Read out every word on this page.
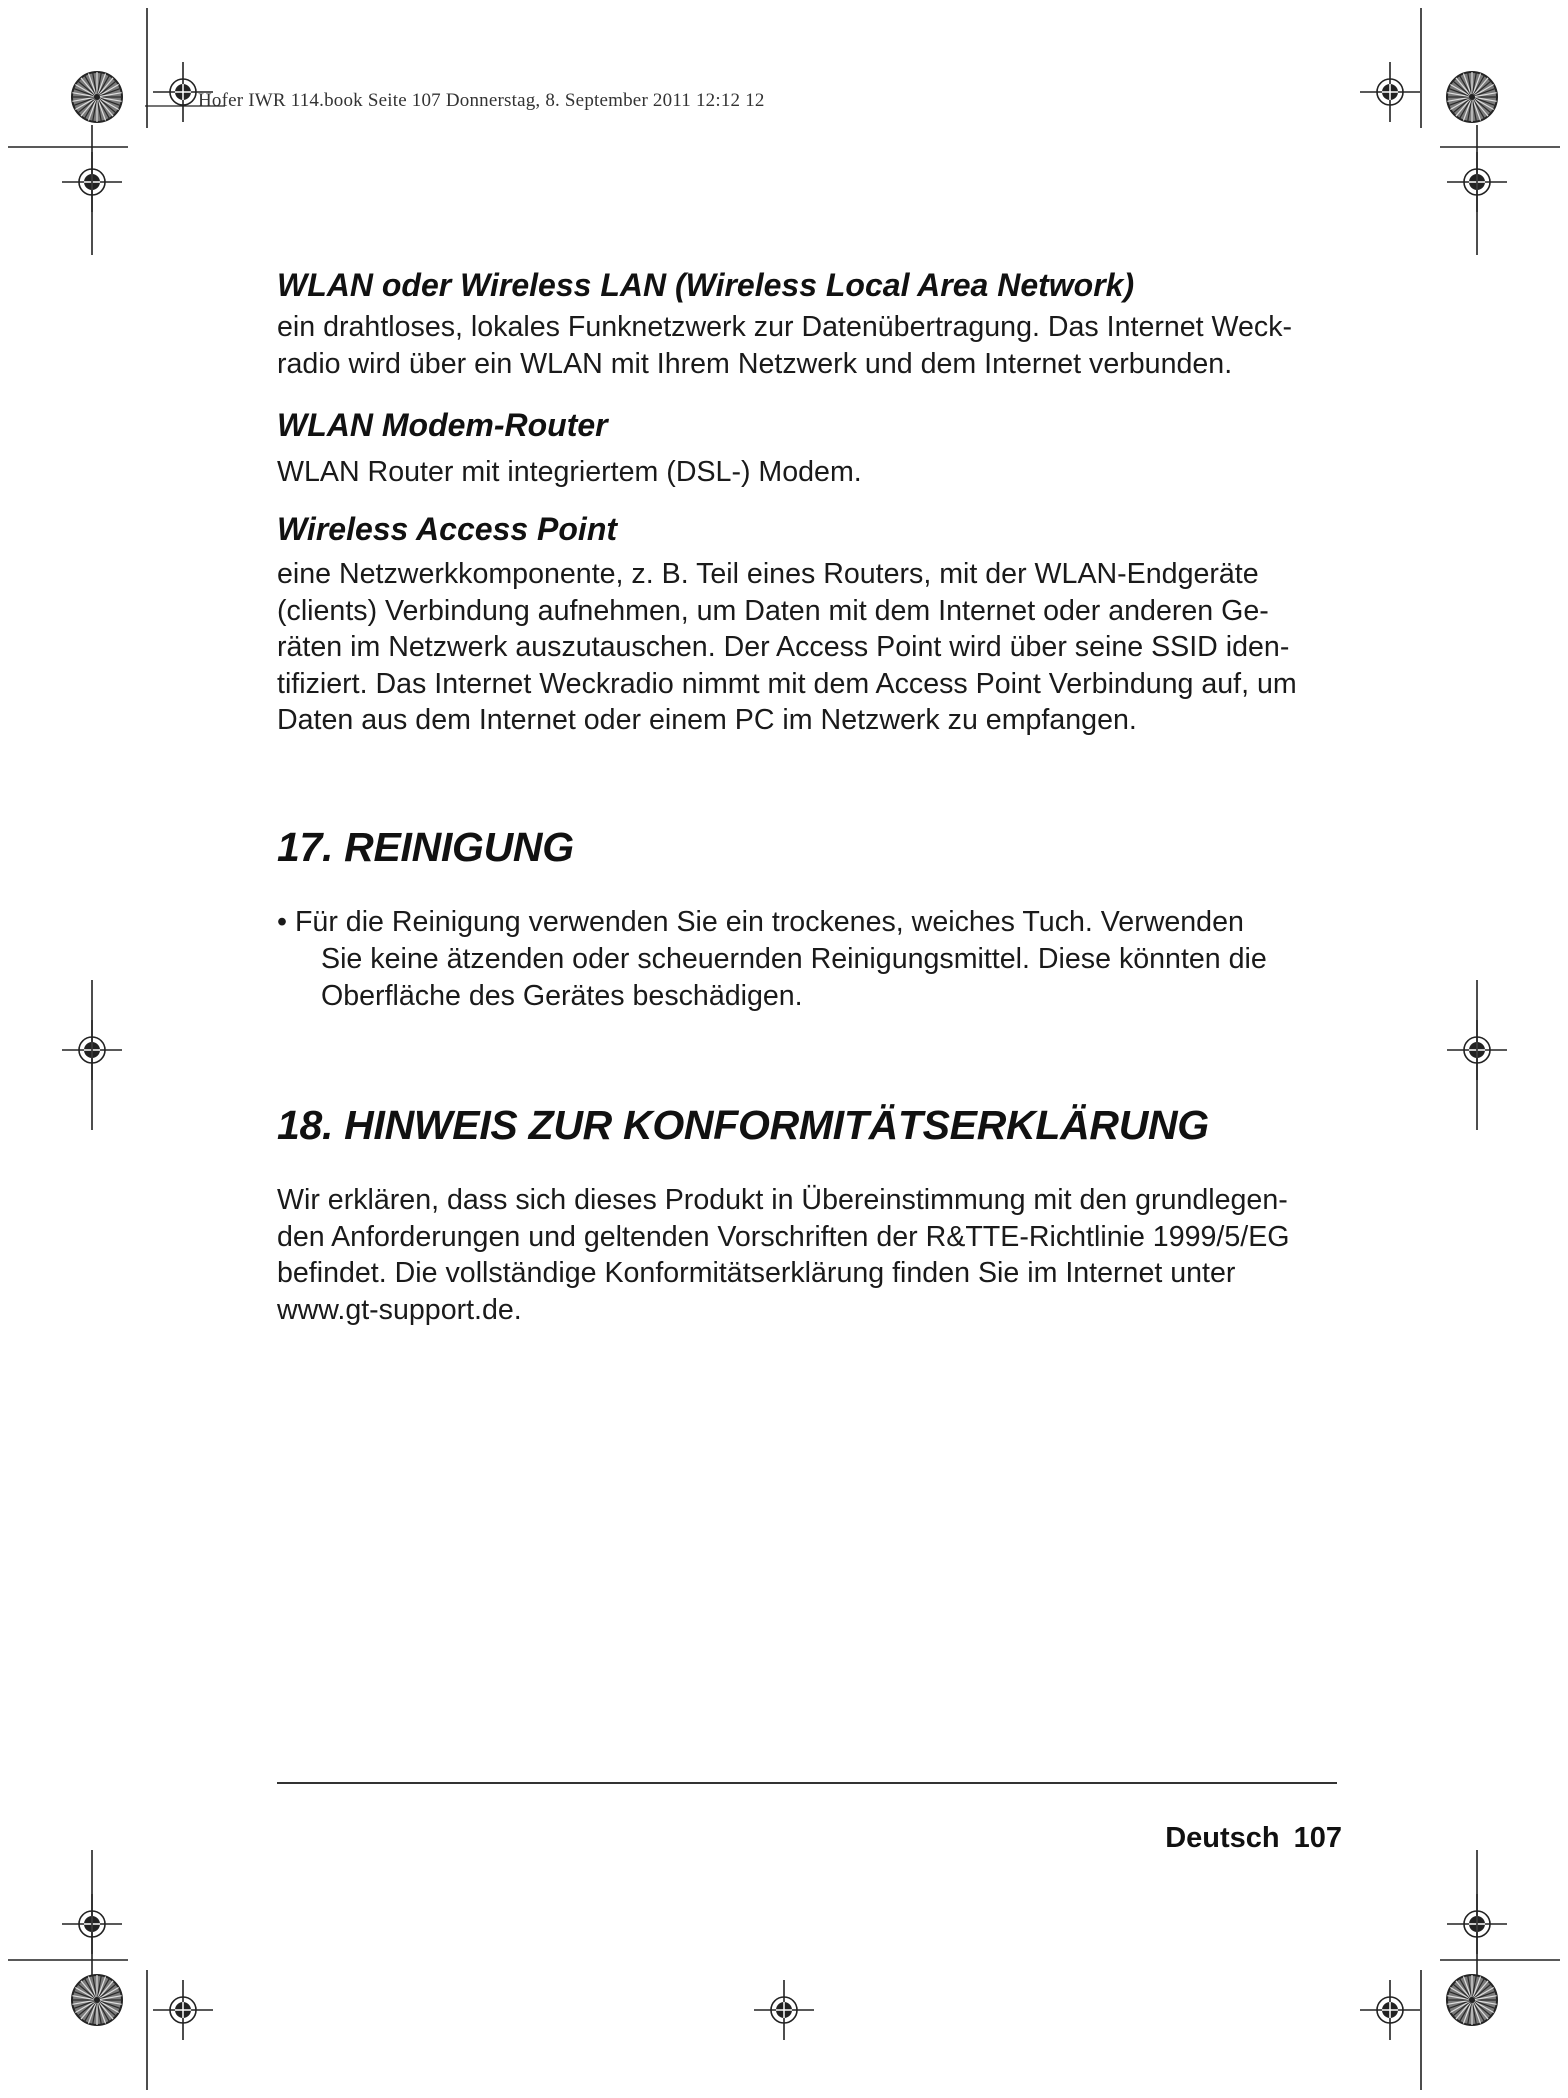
Hofer IWR 114.book Seite 107 Donnerstag, 8. September 2011 12:12 12
WLAN oder Wireless LAN (Wireless Local Area Network)

ein drahtloses, lokales Funknetzwerk zur Datenübertragung. Das Internet Weck-
radio wird über ein WLAN mit Ihrem Netzwerk und dem Internet verbunden.

WLAN Modem-Router

WLAN Router mit integriertem (DSL-) Modem.

Wireless Access Point

eine Netzwerkkomponente, z. B. Teil eines Routers, mit der WLAN-Endgeräte
(clients) Verbindung aufnehmen, um Daten mit dem Internet oder anderen Ge-
räten im Netzwerk auszutauschen. Der Access Point wird über seine SSID iden-
tifiziert. Das Internet Weckradio nimmt mit dem Access Point Verbindung auf, um
Daten aus dem Internet oder einem PC im Netzwerk zu empfangen.

17. REINIGUNG
• Für die Reinigung verwenden Sie ein trockenes, weiches Tuch. Verwenden
Sie keine ätzenden oder scheuernden Reinigungsmittel. Diese könnten die
Oberfläche des Gerätes beschädigen.
18. HINWEIS ZUR KONFORMITÄTSERKLÄRUNG

Wir erklären, dass sich dieses Produkt in Übereinstimmung mit den grundlegen-
den Anforderungen und geltenden Vorschriften der R&TTE-Richtlinie 1999/5/EG
befindet. Die vollständige Konformitätserklärung finden Sie im Internet unter
www.gt-support.de.

Deutsch 107
